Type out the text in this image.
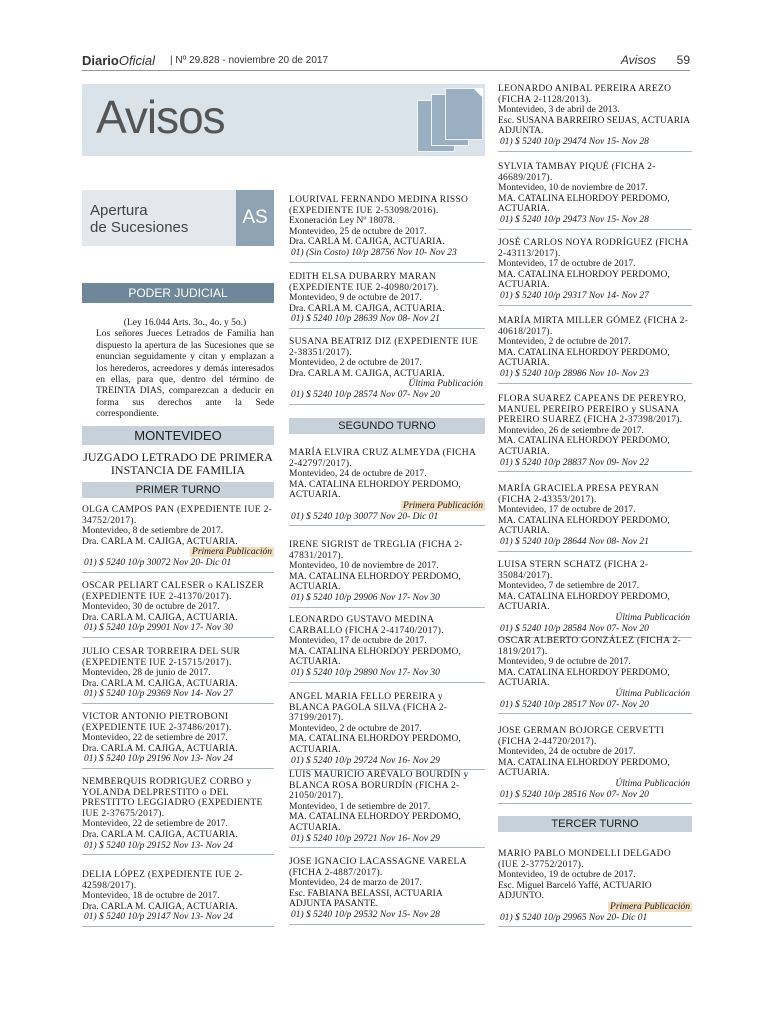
DiarioOficial | Nº 29.828 - noviembre 20 de 2017	Avisos 59
Avisos
Apertura
de Sucesiones	AS
PODER JUDICIAL
(Ley 16.044 Arts. 3o., 4o. y 5o.)
Los señores Jueces Letrados de Familia han dispuesto la apertura de las Sucesiones que se enuncian seguidamente y citan y emplazan a los herederos, acreedores y demás interesados en ellas, para que, dentro del término de TREINTA DIAS, comparezcan a deducir en forma sus derechos ante la Sede correspondiente.
MONTEVIDEO
JUZGADO LETRADO DE PRIMERA INSTANCIA DE FAMILIA
PRIMER TURNO
SEGUNDO TURNO
TERCER TURNO
OLGA CAMPOS PAN (EXPEDIENTE IUE 2-34752/2017).
Montevideo, 8 de setiembre de 2017.
Dra. CARLA M. CAJIGA, ACTUARIA.
Primera Publicación
01) $ 5240 10/p 30072 Nov 20- Dic 01
OSCAR PELIART CALESER o KALISZER (EXPEDIENTE IUE 2-41370/2017).
Montevideo, 30 de octubre de 2017.
Dra. CARLA M. CAJIGA, ACTUARIA.
01) $ 5240 10/p 29901 Nov 17- Nov 30
JULIO CESAR TORREIRA DEL SUR (EXPEDIENTE IUE 2-15715/2017).
Montevideo, 28 de junio de 2017.
Dra. CARLA M. CAJIGA, ACTUARIA.
01) $ 5240 10/p 29369 Nov 14- Nov 27
VICTOR ANTONIO PIETROBONI (EXPEDIENTE IUE 2-37486/2017).
Montevideo, 22 de setiembre de 2017.
Dra. CARLA M. CAJIGA, ACTUARIA.
01) $ 5240 10/p 29196 Nov 13- Nov 24
NEMBERQUIS RODRIGUEZ CORBO y YOLANDA DELPRESTITO o DEL PRESTITTO LEGGIADRO (EXPEDIENTE IUE 2-37675/2017).
Montevideo, 22 de setiembre de 2017.
Dra. CARLA M. CAJIGA, ACTUARIA.
01) $ 5240 10/p 29152 Nov 13- Nov 24
DELIA LÓPEZ (EXPEDIENTE IUE 2-42598/2017).
Montevideo, 18 de octubre de 2017.
Dra. CARLA M. CAJIGA, ACTUARIA.
01) $ 5240 10/p 29147 Nov 13- Nov 24
LOURIVAL FERNANDO MEDINA RISSO (EXPEDIENTE IUE 2-53098/2016).
Exoneración Ley Nº 18078.
Montevideo, 25 de octubre de 2017.
Dra. CARLA M. CAJIGA, ACTUARIA.
01) (Sin Costo) 10/p 28756 Nov 10- Nov 23
EDITH ELSA DUBARRY MARAN (EXPEDIENTE IUE 2-40980/2017).
Montevideo, 9 de octubre de 2017.
Dra. CARLA M. CAJIGA, ACTUARIA.
01) $ 5240 10/p 28639 Nov 08- Nov 21
SUSANA BEATRIZ DIZ (EXPEDIENTE IUE 2-38351/2017).
Montevideo, 2 de octubre de 2017.
Dra. CARLA M. CAJIGA, ACTUARIA.
Última Publicación
01) $ 5240 10/p 28574 Nov 07- Nov 20
MARÍA ELVIRA CRUZ ALMEYDA (FICHA 2-42797/2017).
Montevideo, 24 de octubre de 2017.
MA. CATALINA ELHORDOY PERDOMO, ACTUARIA.
Primera Publicación
01) $ 5240 10/p 30077 Nov 20- Dic 01
IRENE SIGRIST de TREGLIA (FICHA 2-47831/2017).
Montevideo, 10 de noviembre de 2017.
MA. CATALINA ELHORDOY PERDOMO, ACTUARIA.
01) $ 5240 10/p 29906 Nov 17- Nov 30
LEONARDO GUSTAVO MEDINA CARBALLO (FICHA 2-41740/2017).
Montevideo, 17 de octubre de 2017.
MA. CATALINA ELHORDOY PERDOMO, ACTUARIA.
01) $ 5240 10/p 29890 Nov 17- Nov 30
ANGEL MARIA FELLO PEREIRA y BLANCA PAGOLA SILVA (FICHA 2-37199/2017).
Montevideo, 2 de octubre de 2017.
MA. CATALINA ELHORDOY PERDOMO, ACTUARIA.
01) $ 5240 10/p 29724 Nov 16- Nov 29
LUIS MAURICIO ARÉVALO BOURDÍN y BLANCA ROSA BORURDÍN (FICHA 2-21050/2017).
Montevideo, 1 de setiembre de 2017.
MA. CATALINA ELHORDOY PERDOMO, ACTUARIA.
01) $ 5240 10/p 29721 Nov 16- Nov 29
JOSE IGNACIO LACASSAGNE VARELA (FICHA 2-4887/2017).
Montevideo, 24 de marzo de 2017.
Esc. FABIANA BELASSI, ACTUARIA ADJUNTA PASANTE.
01) $ 5240 10/p 29532 Nov 15- Nov 28
LEONARDO ANIBAL PEREIRA AREZO (FICHA 2-1128/2013).
Montevideo, 3 de abril de 2013.
Esc. SUSANA BARREIRO SEIJAS, ACTUARIA ADJUNTA.
01) $ 5240 10/p 29474 Nov 15- Nov 28
SYLVIA TAMBAY PIQUÉ (FICHA 2-46689/2017).
Montevideo, 10 de noviembre de 2017.
MA. CATALINA ELHORDOY PERDOMO, ACTUARIA.
01) $ 5240 10/p 29473 Nov 15- Nov 28
JOSÉ CARLOS NOYA RODRÍGUEZ (FICHA 2-43113/2017).
Montevideo, 17 de octubre de 2017.
MA. CATALINA ELHORDOY PERDOMO, ACTUARIA.
01) $ 5240 10/p 29317 Nov 14- Nov 27
MARÍA MIRTA MILLER GÓMEZ (FICHA 2-40618/2017).
Montevideo, 2 de octubre de 2017.
MA. CATALINA ELHORDOY PERDOMO, ACTUARIA.
01) $ 5240 10/p 28986 Nov 10- Nov 23
FLORA SUAREZ CAPEANS DE PEREYRO, MANUEL PEREIRO PEREIRO y SUSANA PEREIRO SUAREZ (FICHA 2-37398/2017).
Montevideo, 26 de setiembre de 2017.
MA. CATALINA ELHORDOY PERDOMO, ACTUARIA.
01) $ 5240 10/p 28837 Nov 09- Nov 22
MARÍA GRACIELA PRESA PEYRAN (FICHA 2-43353/2017).
Montevideo, 17 de octubre de 2017.
MA. CATALINA ELHORDOY PERDOMO, ACTUARIA.
01) $ 5240 10/p 28644 Nov 08- Nov 21
LUISA STERN SCHATZ (FICHA 2-35084/2017).
Montevideo, 7 de setiembre de 2017.
MA. CATALINA ELHORDOY PERDOMO, ACTUARIA.
Última Publicación
01) $ 5240 10/p 28584 Nov 07- Nov 20
OSCAR ALBERTO GONZÁLEZ (FICHA 2-1819/2017).
Montevideo, 9 de octubre de 2017.
MA. CATALINA ELHORDOY PERDOMO, ACTUARIA.
Última Publicación
01) $ 5240 10/p 28517 Nov 07- Nov 20
JOSE GERMAN BOJORGE CERVETTI (FICHA 2-44720/2017).
Montevideo, 24 de octubre de 2017.
MA. CATALINA ELHORDOY PERDOMO, ACTUARIA.
Última Publicación
01) $ 5240 10/p 28516 Nov 07- Nov 20
MARIO PABLO MONDELLI DELGADO (IUE 2-37752/2017).
Montevideo, 19 de octubre de 2017.
Esc. Miguel Barceló Yaffé, ACTUARIO ADJUNTO.
Primera Publicación
01) $ 5240 10/p 29965 Nov 20- Dic 01
